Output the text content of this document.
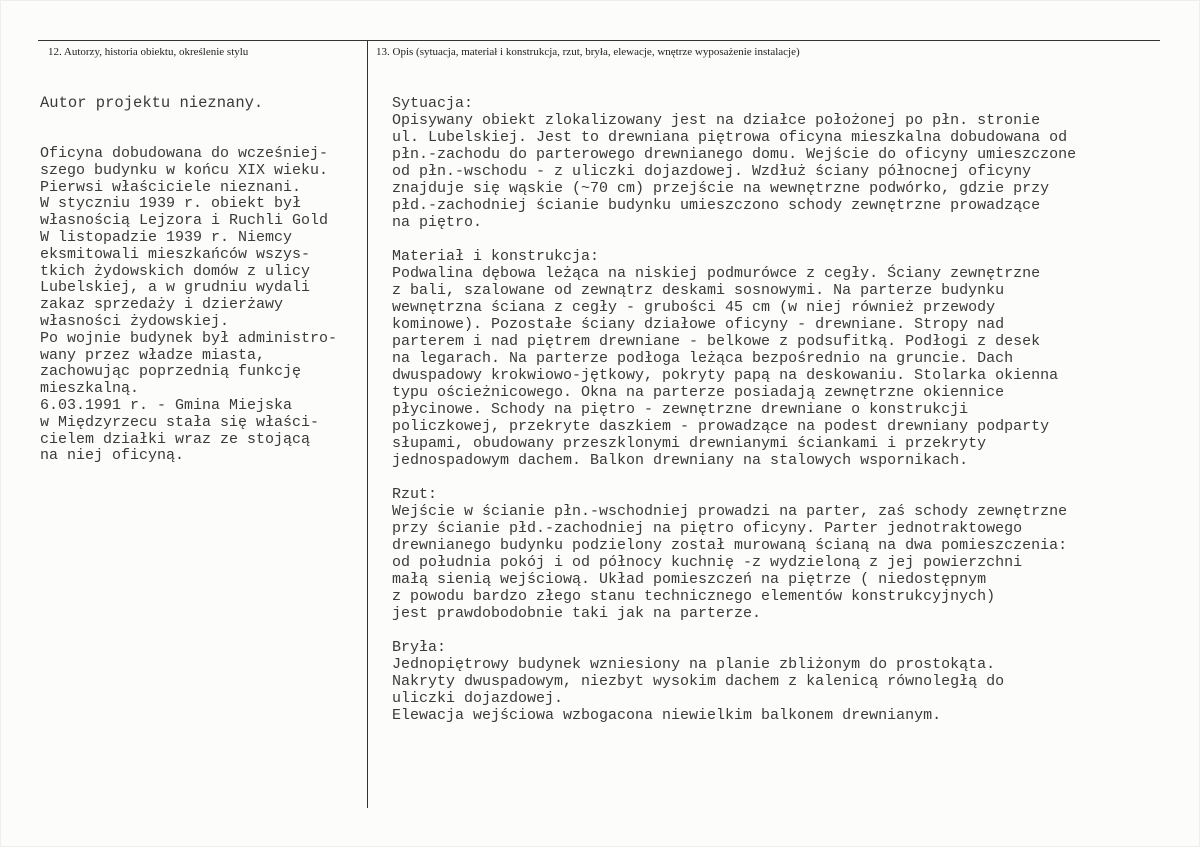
12. Autorzy, historia obiektu, określenie stylu	13. Opis (sytuacja, materiał i konstrukcja, rzut, bryła, elewacje, wnętrze wyposażenie instalacje)
Autor projektu nieznany.
Oficyna dobudowana do wcześniej-
szego budynku w końcu XIX wieku.
Pierwsi właściciele nieznani.
W styczniu 1939 r. obiekt był
własnością Lejzora i Ruchli Gold
W listopadzie 1939 r. Niemcy
eksmitowali mieszkańców wszys-
tkich żydowskich domów z ulicy
Lubelskiej, a w grudniu wydali
zakaz sprzedaży i dzierżawy
własności żydowskiej.
Po wojnie budynek był administro-
wany przez władze miasta,
zachowując poprzednią funkcję
mieszkalną.
6.03.1991 r. - Gmina Miejska
w Międzyrzecu stała się właści-
cielem działki wraz ze stojącą
na niej oficyną.
Sytuacja:
Opisywany obiekt zlokalizowany jest na działce położonej po płn. stronie
ul. Lubelskiej. Jest to drewniana piętrowa oficyna mieszkalna dobudowana od
płn.-zachodu do parterowego drewnianego domu. Wejście do oficyny umieszczone
od płn.-wschodu - z uliczki dojazdowej. Wzdłuż ściany północnej oficyny
znajduje się wąskie (~70 cm) przejście na wewnętrzne podwórko, gdzie przy
płd.-zachodniej ścianie budynku umieszczono schody zewnętrzne prowadzące
na piętro.
Materiał i konstrukcja:
Podwalina dębowa leżąca na niskiej podmurówce z cegły. Ściany zewnętrzne
z bali, szalowane od zewnątrz deskami sosnowymi. Na parterze budynku
wewnętrzna ściana z cegły - grubości 45 cm (w niej również przewody
kominowe). Pozostałe ściany działowe oficyny - drewniane. Stropy nad
parterem i nad piętrem drewniane - belkowe z podsufitką. Podłogi z desek
na legarach. Na parterze podłoga leżąca bezpośrednio na gruncie. Dach
dwuspadowy krokwiowo-jętkowy, pokryty papą na deskowaniu. Stolarka okienna
typu ościeżnicowego. Okna na parterze posiadają zewnętrzne okiennice
płycinowe. Schody na piętro - zewnętrzne drewniane o konstrukcji
policzkowej, przekryte daszkiem - prowadzące na podest drewniany podparty
słupami, obudowany przeszklonymi drewnianymi ściankami i przekryty
jednospadowym dachem. Balkon drewniany na stalowych wspornikach.
Rzut:
Wejście w ścianie płn.-wschodniej prowadzi na parter, zaś schody zewnętrzne
przy ścianie płd.-zachodniej na piętro oficyny. Parter jednotraktowego
drewnianego budynku podzielony został murowaną ścianą na dwa pomieszczenia:
od południa pokój i od północy kuchnię -z wydzieloną z jej powierzchni
małą sienią wejściową. Układ pomieszczeń na piętrze ( niedostępnym
z powodu bardzo złego stanu technicznego elementów konstrukcyjnych)
jest prawdobodobnie taki jak na parterze.
Bryła:
Jednopiętrowy budynek wzniesiony na planie zbliżonym do prostokąta.
Nakryty dwuspadowym, niezbyt wysokim dachem z kalenicą równoległą do
uliczki dojazdowej.
Elewacja wejściowa wzbogacona niewielkim balkonem drewnianym.
